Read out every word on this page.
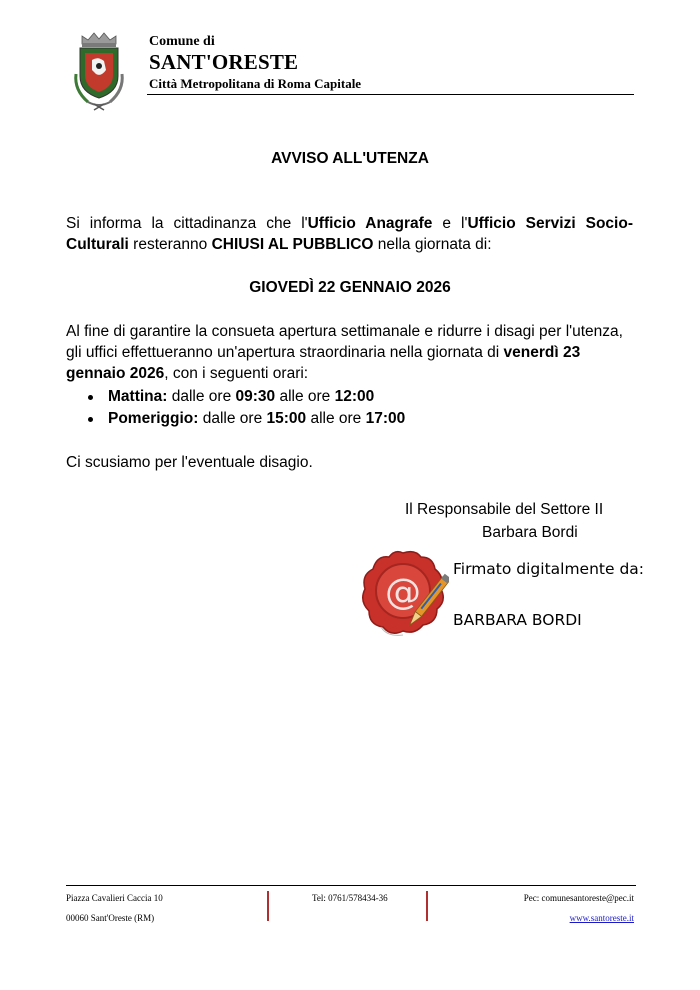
Comune di
SANT'ORESTE
Città Metropolitana di Roma Capitale
AVVISO ALL'UTENZA
Si informa la cittadinanza che l'Ufficio Anagrafe e l'Ufficio Servizi Socio-Culturali resteranno CHIUSI AL PUBBLICO nella giornata di:
GIOVEDÌ 22 GENNAIO 2026
Al fine di garantire la consueta apertura settimanale e ridurre i disagi per l'utenza, gli uffici effettueranno un'apertura straordinaria nella giornata di venerdì 23 gennaio 2026, con i seguenti orari:
Mattina: dalle ore 09:30 alle ore 12:00
Pomeriggio: dalle ore 15:00 alle ore 17:00
Ci scusiamo per l'eventuale disagio.
Il Responsabile del Settore II
Barbara Bordi
@
Firmato digitalmente da:
BARBARA BORDI
Piazza Cavalieri Caccia 10
00060 Sant'Oreste (RM)
Tel: 0761/578434-36	Pec: comunesantoreste@pec.it
www.santoreste.it
